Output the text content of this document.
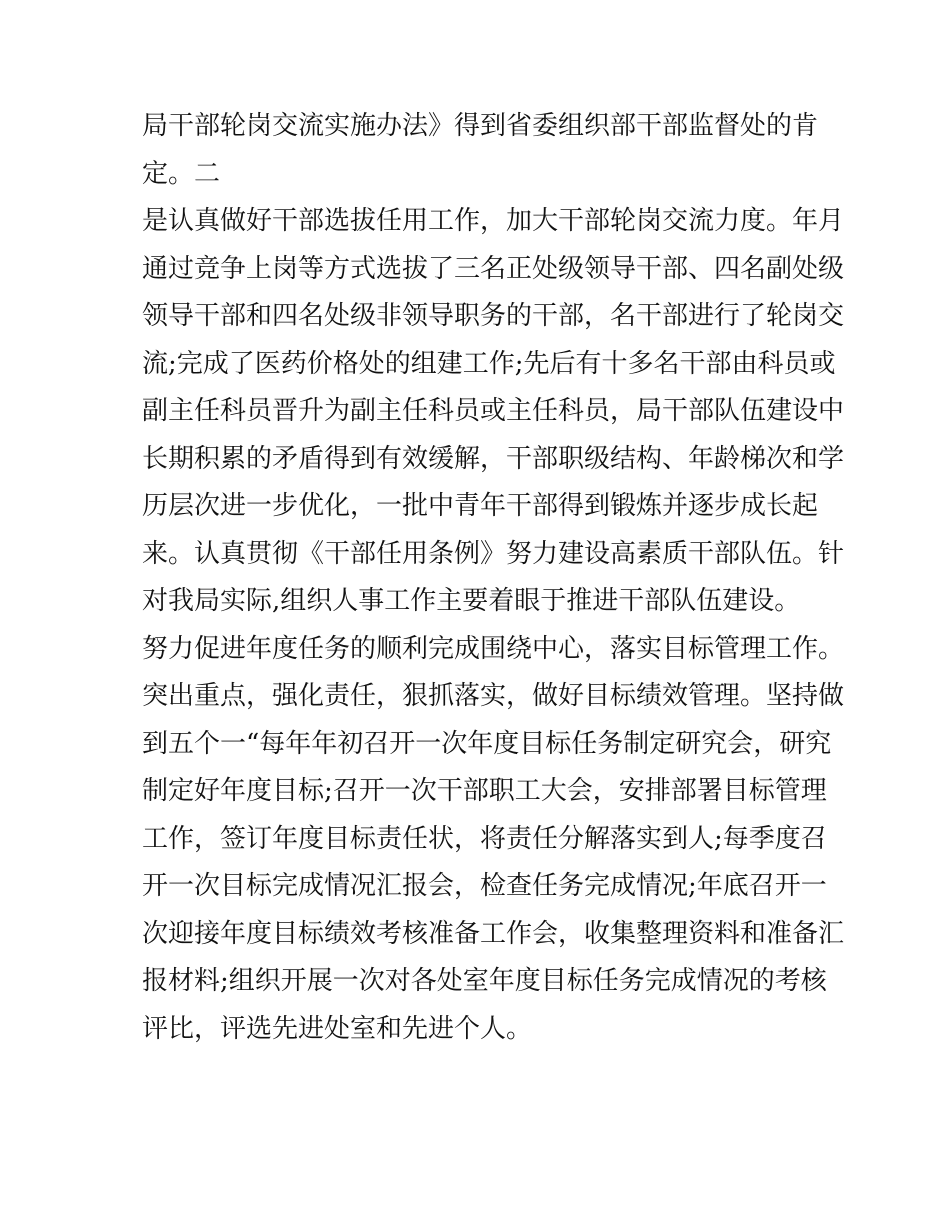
局干部轮岗交流实施办法》得到省委组织部干部监督处的肯
定。二
是认真做好干部选拔任用工作，加大干部轮岗交流力度。年月
通过竞争上岗等方式选拔了三名正处级领导干部、四名副处级
领导干部和四名处级非领导职务的干部，名干部进行了轮岗交
流;完成了医药价格处的组建工作;先后有十多名干部由科员或
副主任科员晋升为副主任科员或主任科员，局干部队伍建设中
长期积累的矛盾得到有效缓解，干部职级结构、年龄梯次和学
历层次进一步优化，一批中青年干部得到锻炼并逐步成长起
来。认真贯彻《干部任用条例》努力建设高素质干部队伍。针
对我局实际,组织人事工作主要着眼于推进干部队伍建设。
努力促进年度任务的顺利完成围绕中心，落实目标管理工作。
突出重点，强化责任，狠抓落实，做好目标绩效管理。坚持做
到五个一“每年年初召开一次年度目标任务制定研究会，研究
制定好年度目标;召开一次干部职工大会，安排部署目标管理
工作，签订年度目标责任状，将责任分解落实到人;每季度召
开一次目标完成情况汇报会，检查任务完成情况;年底召开一
次迎接年度目标绩效考核准备工作会，收集整理资料和准备汇
报材料;组织开展一次对各处室年度目标任务完成情况的考核
评比，评选先进处室和先进个人。
